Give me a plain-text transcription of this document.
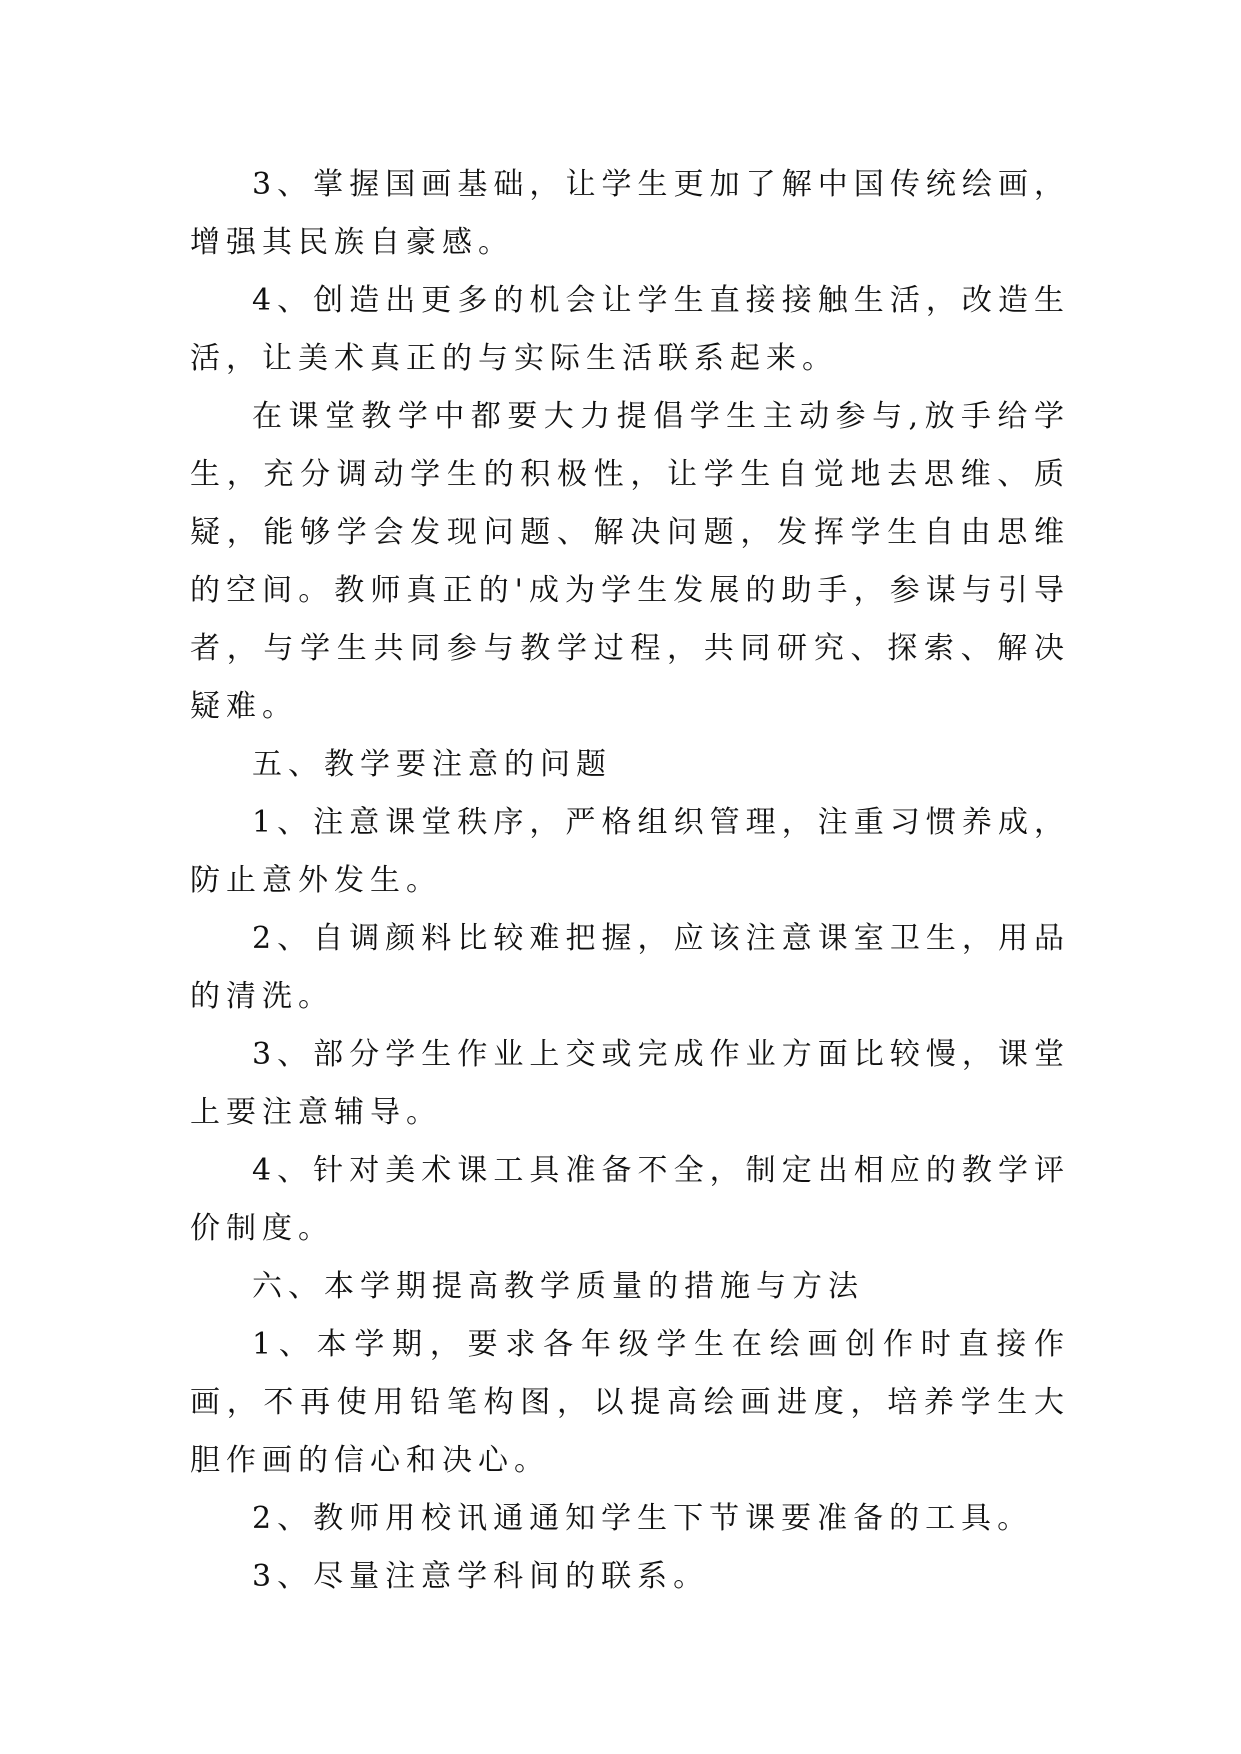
3、掌握国画基础，让学生更加了解中国传统绘画，增强其民族自豪感。

4、创造出更多的机会让学生直接接触生活，改造生活，让美术真正的与实际生活联系起来。

在课堂教学中都要大力提倡学生主动参与,放手给学生，充分调动学生的积极性，让学生自觉地去思维、质疑，能够学会发现问题、解决问题，发挥学生自由思维的空间。教师真正的'成为学生发展的助手，参谋与引导者，与学生共同参与教学过程，共同研究、探索、解决疑难。

五、教学要注意的问题

1、注意课堂秩序，严格组织管理，注重习惯养成，防止意外发生。

2、自调颜料比较难把握，应该注意课室卫生，用品的清洗。

3、部分学生作业上交或完成作业方面比较慢，课堂上要注意辅导。

4、针对美术课工具准备不全，制定出相应的教学评价制度。

六、本学期提高教学质量的措施与方法

1、本学期，要求各年级学生在绘画创作时直接作画，不再使用铅笔构图，以提高绘画进度，培养学生大胆作画的信心和决心。

2、教师用校讯通通知学生下节课要准备的工具。

3、尽量注意学科间的联系。
